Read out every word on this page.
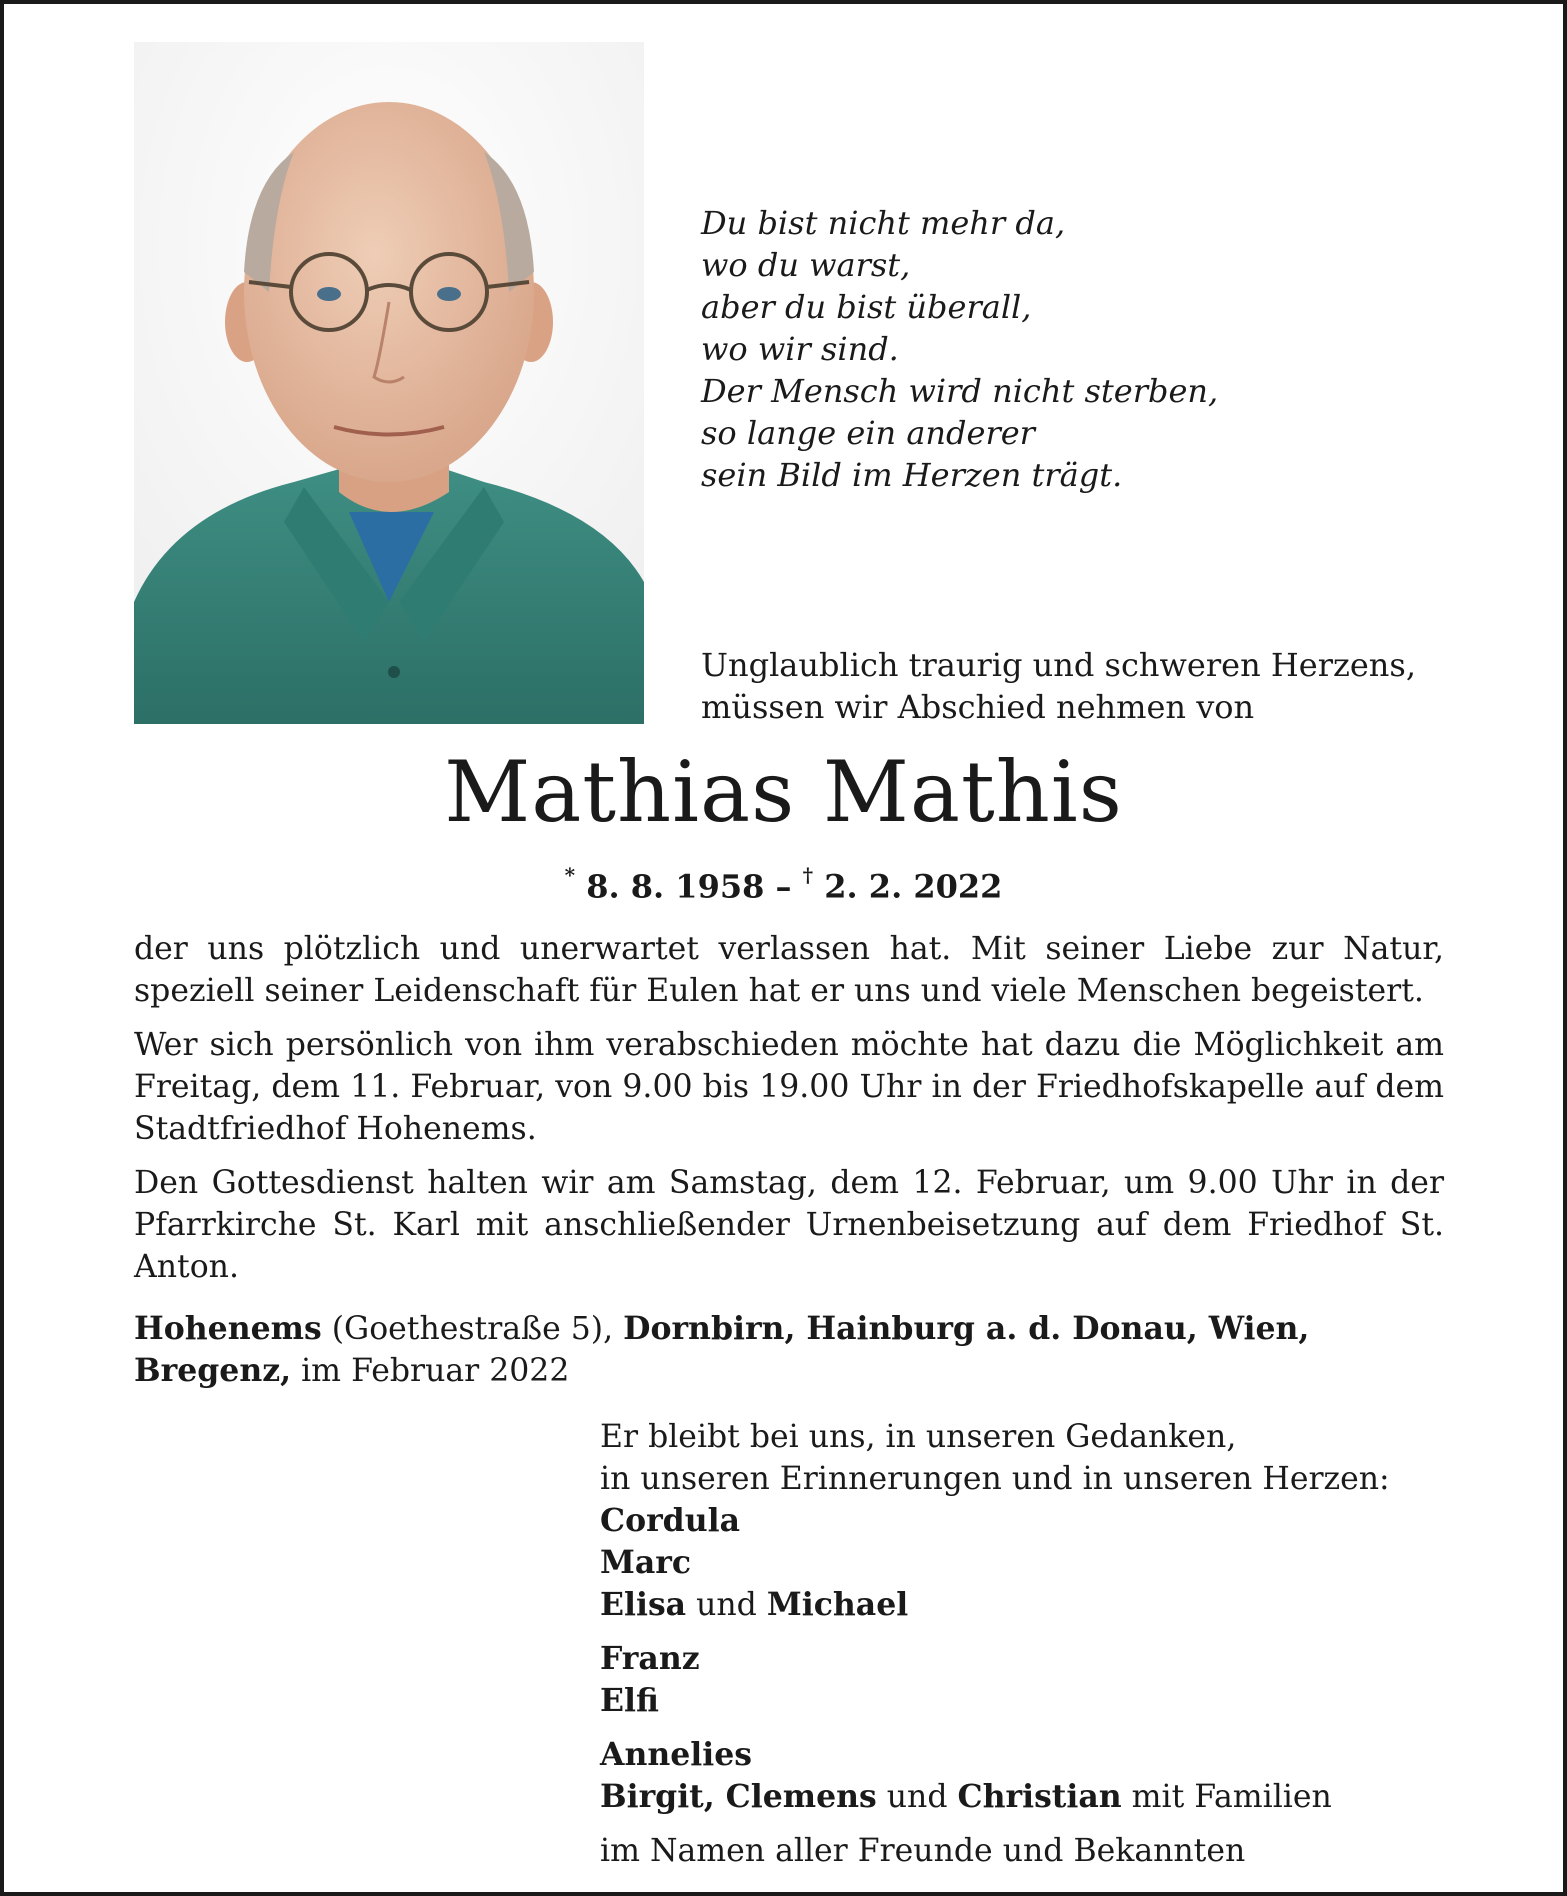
Du bist nicht mehr da,
wo du warst,
aber du bist überall,
wo wir sind.
Der Mensch wird nicht sterben,
so lange ein anderer
sein Bild im Herzen trägt.
Unglaublich traurig und schweren Herzens,
müssen wir Abschied nehmen von
Mathias Mathis
* 8. 8. 1958 – † 2. 2. 2022

der uns plötzlich und unerwartet verlassen hat. Mit seiner Liebe zur Natur, speziell seiner Leidenschaft für Eulen hat er uns und viele Menschen begeistert.

Wer sich persönlich von ihm verabschieden möchte hat dazu die Möglichkeit am Freitag, dem 11. Februar, von 9.00 bis 19.00 Uhr in der Friedhofskapelle auf dem Stadtfriedhof Hohenems.

Den Gottesdienst halten wir am Samstag, dem 12. Februar, um 9.00 Uhr in der Pfarrkirche St. Karl mit anschließender Urnenbeisetzung auf dem Friedhof St. Anton.

Hohenems (Goethestraße 5), Dornbirn, Hainburg a. d. Donau, Wien,
Bregenz, im Februar 2022
Er bleibt bei uns, in unseren Gedanken,
in unseren Erinnerungen und in unseren Herzen:
Cordula
Marc
Elisa und Michael
Franz
Elfi
Annelies
Birgit, Clemens und Christian mit Familien
im Namen aller Freunde und Bekannten
